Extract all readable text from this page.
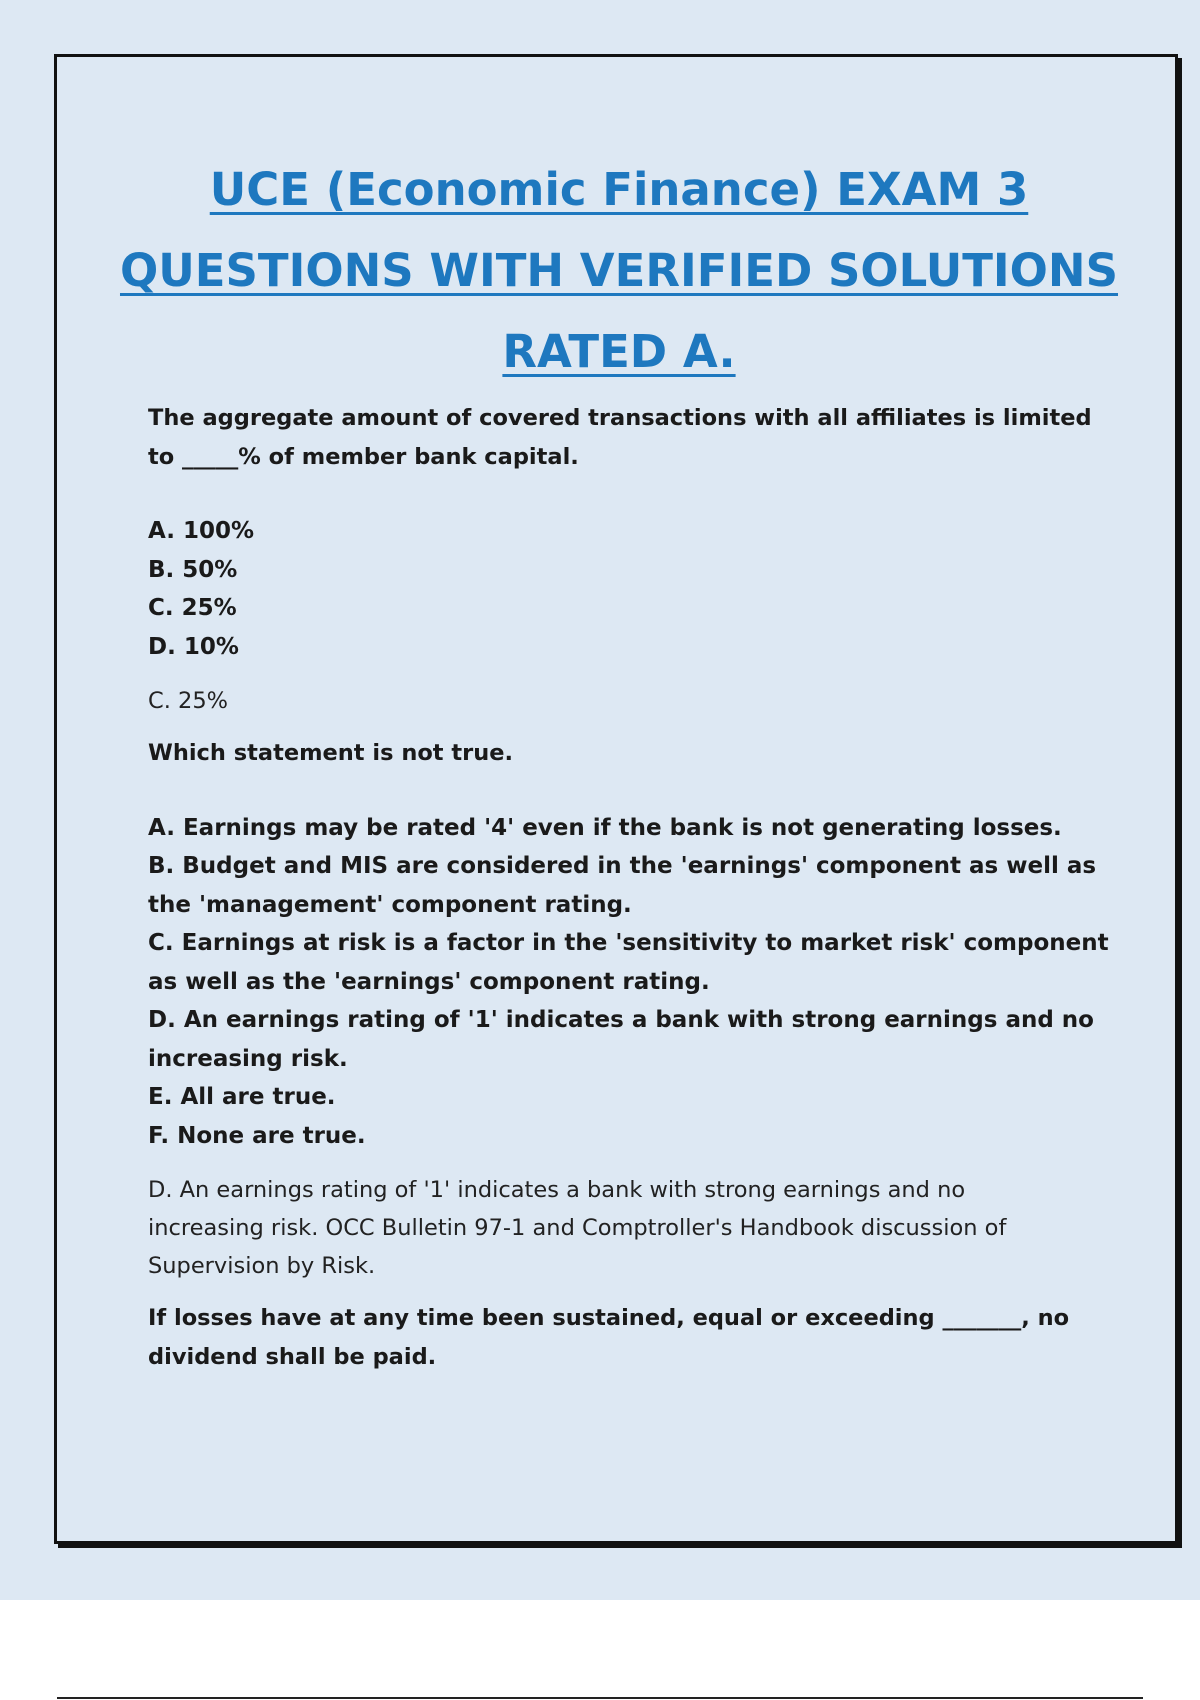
UCE (Economic Finance) EXAM 3
QUESTIONS WITH VERIFIED SOLUTIONS
RATED A.

The aggregate amount of covered transactions with all affiliates is limited

to _____% of member bank capital.

A. 100%

B. 50%

C. 25%

D. 10%

C. 25%

Which statement is not true.

A. Earnings may be rated '4' even if the bank is not generating losses.

B. Budget and MIS are considered in the 'earnings' component as well as

the 'management' component rating.

C. Earnings at risk is a factor in the 'sensitivity to market risk' component

as well as the 'earnings' component rating.

D. An earnings rating of '1' indicates a bank with strong earnings and no

increasing risk.

E. All are true.

F. None are true.

D. An earnings rating of '1' indicates a bank with strong earnings and no

increasing risk. OCC Bulletin 97-1 and Comptroller's Handbook discussion of

Supervision by Risk.

If losses have at any time been sustained, equal or exceeding _______, no

dividend shall be paid.
